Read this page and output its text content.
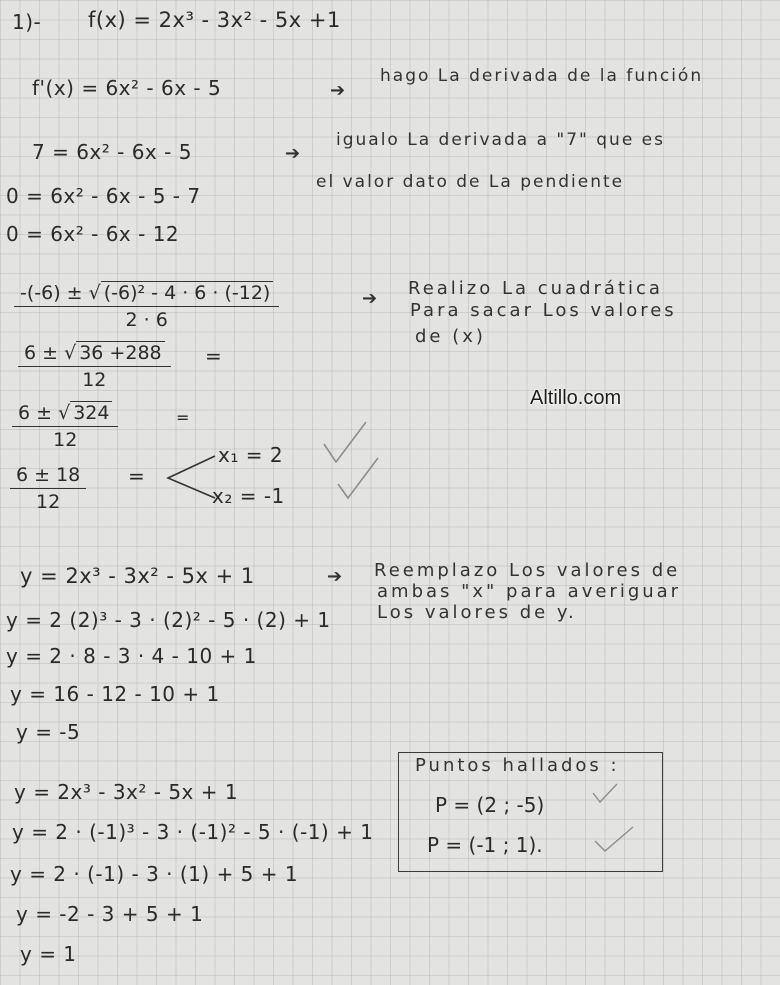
1)- f(x) = 2x³ - 3x² - 5x +1
f'(x) = 6x² - 6x - 5	➔
hago La derivada de la función
7 = 6x² - 6x - 5	➔
igualo La derivada a "7" que es
el valor dato de La pendiente
0 = 6x² - 6x - 5 - 7
0 = 6x² - 6x - 12
$\frac{\text{-(-6) ± √ (-6)² - 4 · 6 · (-12)}}{2 \cdot 6}$	➔ Realizo La cuadrática
Para sacar Los valores
de (x)
$\frac{6 \pm √ 36 +288}{12}$ =
$\frac{6 \pm √ 324}{12}$	=
Altillo.com
$\frac{6 \pm 18}{12}$ =
x₁ = 2
x₂ = -1
y = 2x³ - 3x² - 5x + 1	➔ Reemplazo Los valores de
ambas "x" para averiguar
Los valores de y.
y = 2 (2)³ - 3 · (2)² - 5 · (2) + 1
y = 2 · 8 - 3 · 4 - 10 + 1
y = 16 - 12 - 10 + 1
y = -5
y = 2x³ - 3x² - 5x + 1
y = 2 · (-1)³ - 3 · (-1)² - 5 · (-1) + 1
y = 2 · (-1) - 3 · (1) + 5 + 1
y = -2 - 3 + 5 + 1
y = 1
Puntos hallados :
P = (2 ; -5)
P = (-1 ; 1).
